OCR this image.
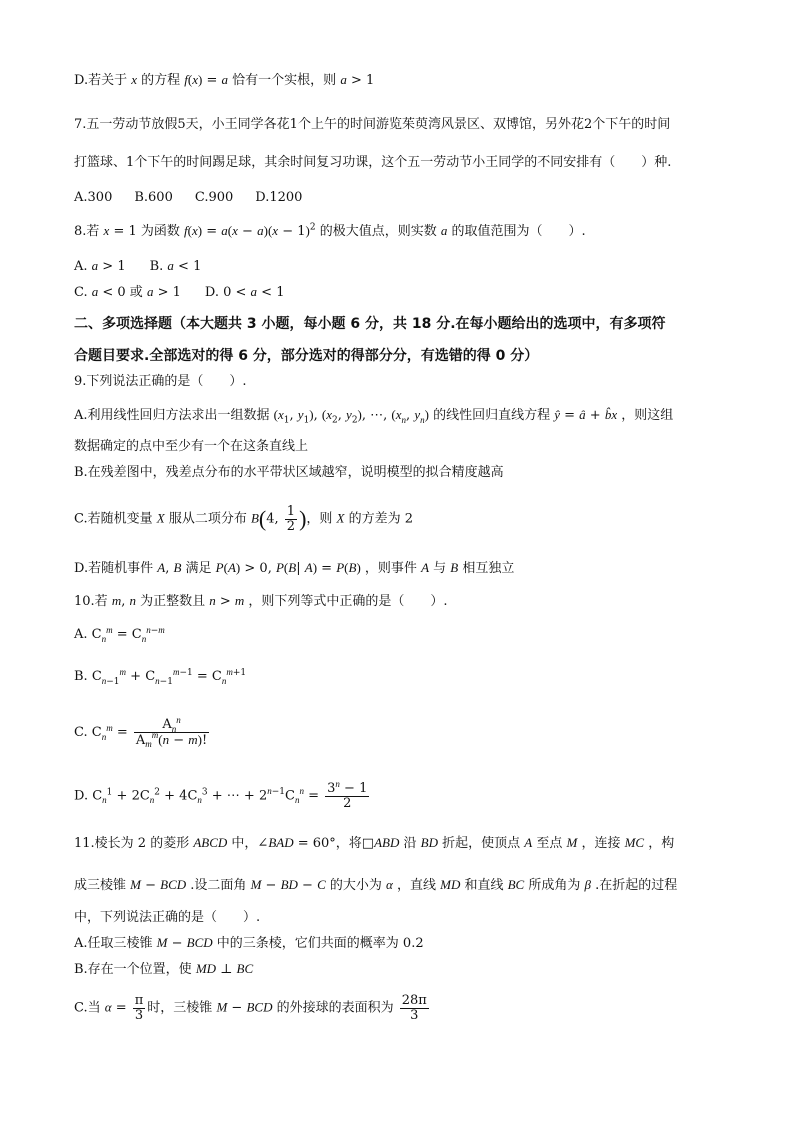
D.若关于 x 的方程 f(x) = a 恰有一个实根，则 a > 1
7.五一劳动节放假5天，小王同学各花1个上午的时间游览茱萸湾风景区、双博馆，另外花2个下午的时间
打篮球、1个下午的时间踢足球，其余时间复习功课，这个五一劳动节小王同学的不同安排有（　　）种.
A.300 B.600 C.900 D.1200
8.若 x = 1 为函数 $f(x) = a(x - a)(x - 1)^2$ 的极大值点，则实数 a 的取值范围为（　　）.
A. a > 1 B. a < 1
C. a < 0 或 a > 1 D. 0 < a < 1
二、多项选择题（本大题共 3 小题，每小题 6 分，共 18 分.在每小题给出的选项中，有多项符
合题目要求.全部选对的得 6 分，部分选对的得部分分，有选错的得 0 分）
9.下列说法正确的是（　　）.
A.利用线性回归方法求出一组数据 ($x_1$, $y_1$), ($x_2$, $y_2$), ⋯, ($x_n$, $y_n$) 的线性回归直线方程 ŷ = â + b̂x ，则这组
数据确定的点中至少有一个在这条直线上
B.在残差图中，残差点分布的水平带状区域越窄，说明模型的拟合精度越高
C.若随机变量 X 服从二项分布 B(4, $\frac{1}{2}$ )，则 X 的方差为 2
D.若随机事件 A, B 满足 P(A) > 0, P(B| A) = P(B) ，则事件 A 与 B 相互独立
10.若 m, n 为正整数且 n > m ，则下列等式中正确的是（　　）.
A. $C_n^m = C_n^{n-m}$
B. $C_{n-1}^m + C_{n-1}^{m-1} = C_n^{m+1}$
C. $C_n^m = \frac{A_n^n}{A_m^m(n - m)!}$
D. $C_n^1 + 2C_n^2 + 4C_n^3$ + ⋯ + $2^{n-1}C_n^n = \frac{3^n - 1}{2}$
11.棱长为 2 的菱形 ABCD 中，∠BAD = 60°，将□ABD 沿 BD 折起，使顶点 A 至点 M ，连接 MC ，构
成三棱锥 M − BCD .设二面角 M − BD − C 的大小为 α ，直线 MD 和直线 BC 所成角为 β .在折起的过程
中，下列说法正确的是（　　）.
A.任取三棱锥 M − BCD 中的三条棱，它们共面的概率为 0.2
B.存在一个位置，使 MD ⊥ BC
C.当 $\alpha = \frac{\pi}{3}$ 时，三棱锥 M − BCD 的外接球的表面积为 $\frac{28\pi}{3}$
